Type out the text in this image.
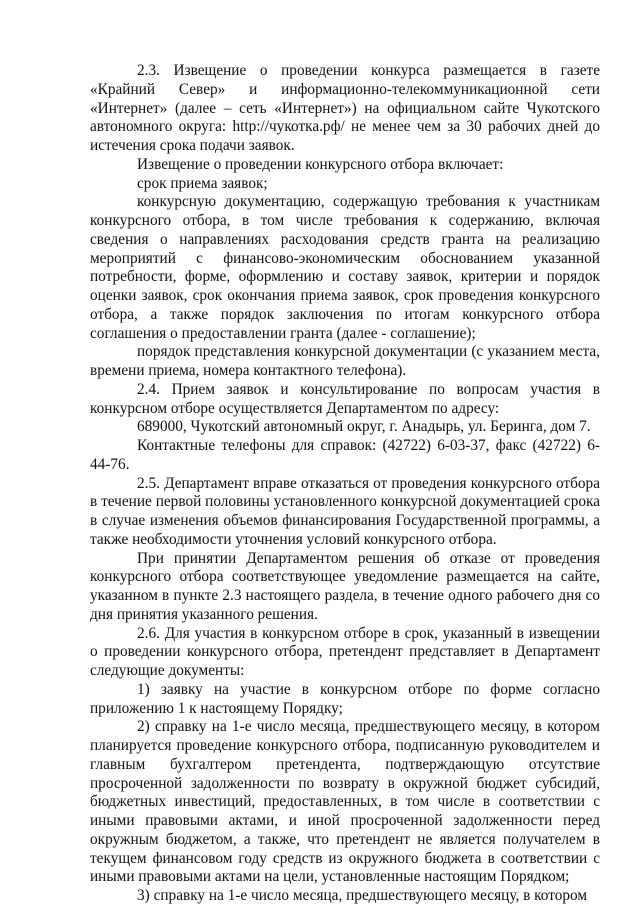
2.3. Извещение о проведении конкурса размещается в газете «Крайний Север» и информационно-телекоммуникационной сети «Интернет» (далее – сеть «Интернет») на официальном сайте Чукотского автономного округа: http://чукотка.рф/ не менее чем за 30 рабочих дней до истечения срока подачи заявок.

Извещение о проведении конкурсного отбора включает:

срок приема заявок;

конкурсную документацию, содержащую требования к участникам конкурсного отбора, в том числе требования к содержанию, включая сведения о направлениях расходования средств гранта на реализацию мероприятий с финансово-экономическим обоснованием указанной потребности, форме, оформлению и составу заявок, критерии и порядок оценки заявок, срок окончания приема заявок, срок проведения конкурсного отбора, а также порядок заключения по итогам конкурсного отбора соглашения о предоставлении гранта (далее - соглашение);

порядок представления конкурсной документации (с указанием места, времени приема, номера контактного телефона).

2.4. Прием заявок и консультирование по вопросам участия в конкурсном отборе осуществляется Департаментом по адресу:

689000, Чукотский автономный округ, г. Анадырь, ул. Беринга, дом 7.

Контактные телефоны для справок: (42722) 6-03-37, факс (42722) 6-44-76.

2.5. Департамент вправе отказаться от проведения конкурсного отбора в течение первой половины установленного конкурсной документацией срока в случае изменения объемов финансирования Государственной программы, а также необходимости уточнения условий конкурсного отбора.

При принятии Департаментом решения об отказе от проведения конкурсного отбора соответствующее уведомление размещается на сайте, указанном в пункте 2.3 настоящего раздела, в течение одного рабочего дня со дня принятия указанного решения.

2.6. Для участия в конкурсном отборе в срок, указанный в извещении о проведении конкурсного отбора, претендент представляет в Департамент следующие документы:

1) заявку на участие в конкурсном отборе по форме согласно приложению 1 к настоящему Порядку;

2) справку на 1-е число месяца, предшествующего месяцу, в котором планируется проведение конкурсного отбора, подписанную руководителем и главным бухгалтером претендента, подтверждающую отсутствие просроченной задолженности по возврату в окружной бюджет субсидий, бюджетных инвестиций, предоставленных, в том числе в соответствии с иными правовыми актами, и иной просроченной задолженности перед окружным бюджетом, а также, что претендент не является получателем в текущем финансовом году средств из окружного бюджета в соответствии с иными правовыми актами на цели, установленные настоящим Порядком;

3) справку на 1-е число месяца, предшествующего месяцу, в котором
